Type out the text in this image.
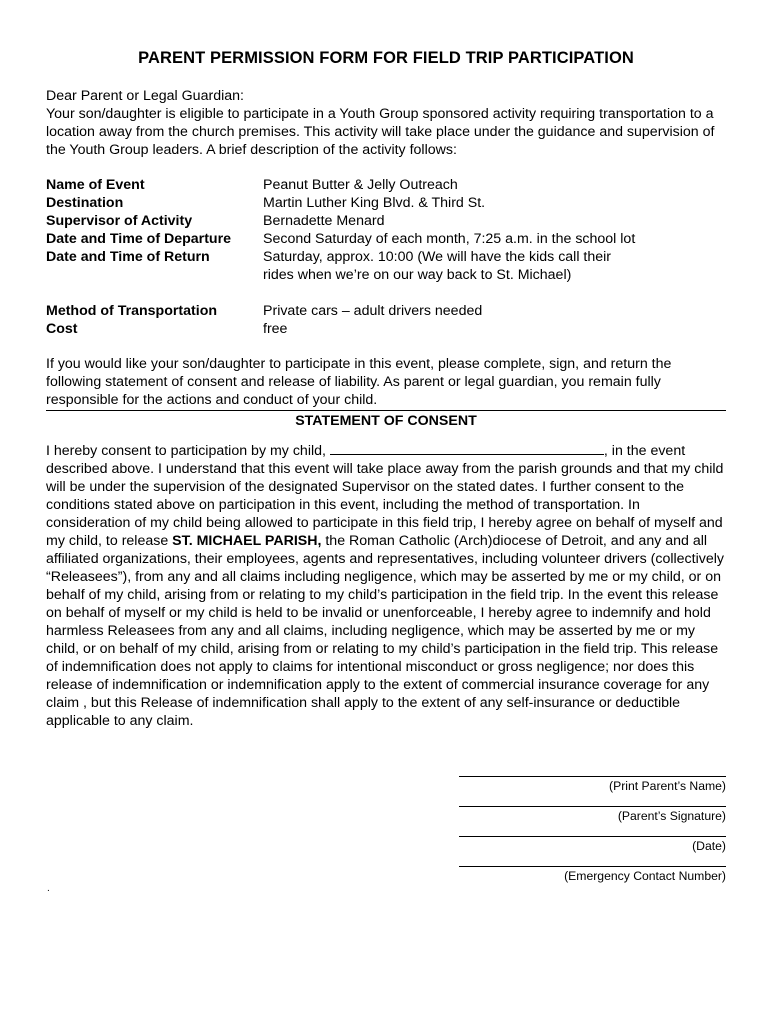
PARENT PERMISSION FORM FOR FIELD TRIP PARTICIPATION

Dear Parent or Legal Guardian:

Your son/daughter is eligible to participate in a Youth Group sponsored activity requiring transportation to a location away from the church premises. This activity will take place under the guidance and supervision of the Youth Group leaders. A brief description of the activity follows:

Name of Event	Peanut Butter & Jelly Outreach
Destination	Martin Luther King Blvd. & Third St.
Supervisor of Activity	Bernadette Menard
Date and Time of Departure	Second Saturday of each month, 7:25 a.m. in the school lot
Date and Time of Return	Saturday, approx. 10:00 (We will have the kids call their
rides when we’re on our way back to St. Michael)
Method of Transportation	Private cars – adult drivers needed
Cost	free

If you would like your son/daughter to participate in this event, please complete, sign, and return the following statement of consent and release of liability. As parent or legal guardian, you remain fully responsible for the actions and conduct of your child.

STATEMENT OF CONSENT

I hereby consent to participation by my child,	, in the event described above. I understand that this event will take place away from the parish grounds and that my child will be under the supervision of the designated Supervisor on the stated dates. I further consent to the conditions stated above on participation in this event, including the method of transportation. In consideration of my child being allowed to participate in this field trip, I hereby agree on behalf of myself and my child, to release ST. MICHAEL PARISH, the Roman Catholic (Arch)diocese of Detroit, and any and all affiliated organizations, their employees, agents and representatives, including volunteer drivers (collectively “Releasees”), from any and all claims including negligence, which may be asserted by me or my child, or on behalf of my child, arising from or relating to my child’s participation in the field trip. In the event this release on behalf of myself or my child is held to be invalid or unenforceable, I hereby agree to indemnify and hold harmless Releasees from any and all claims, including negligence, which may be asserted by me or my child, or on behalf of my child, arising from or relating to my child’s participation in the field trip. This release of indemnification does not apply to claims for intentional misconduct or gross negligence; nor does this release of indemnification or indemnification apply to the extent of commercial insurance coverage for any claim , but this Release of indemnification shall apply to the extent of any self-insurance or deductible applicable to any claim.

(Print Parent’s Name)
(Parent’s Signature)
(Date)
(Emergency Contact Number)
.
